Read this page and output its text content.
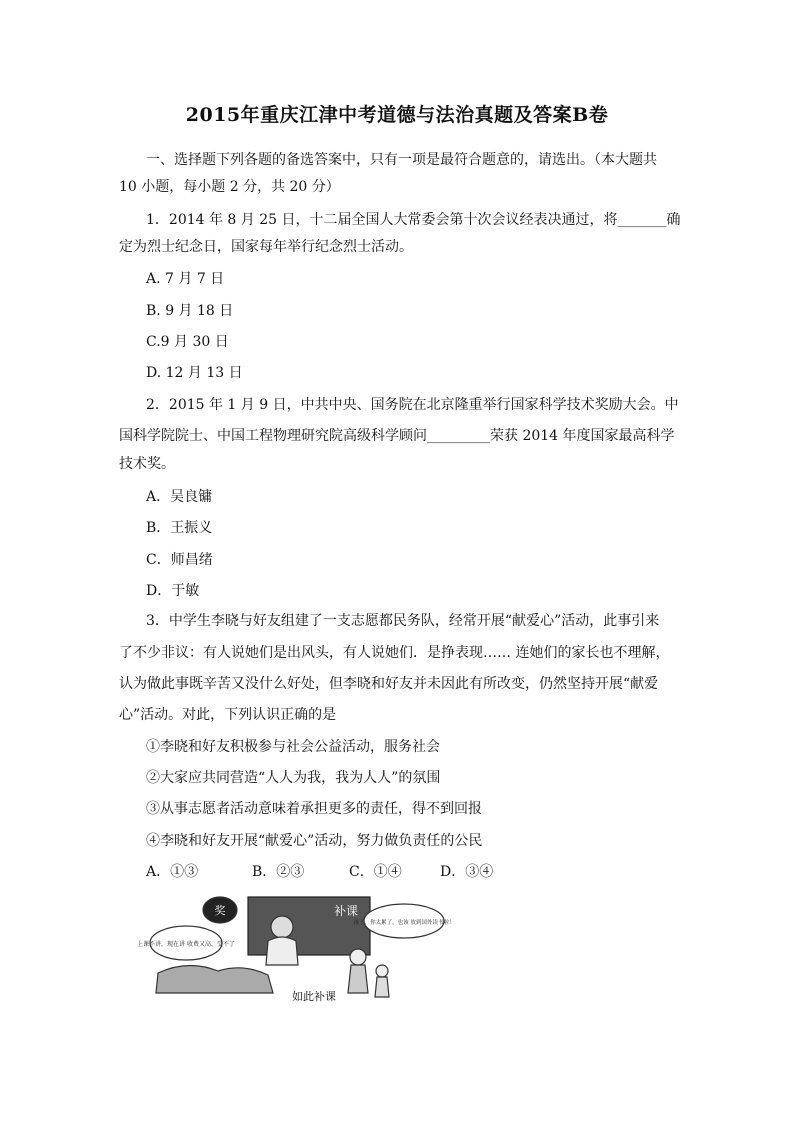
2015年重庆江津中考道德与法治真题及答案B卷
一、选择题下列各题的备选答案中，只有一项是最符合题意的，请选出。（本大题共
10 小题，每小题 2 分，共 20 分）
1．2014 年 8 月 25 日，十二届全国人大常委会第十次会议经表决通过，将_______确
定为烈士纪念日，国家每年举行纪念烈士活动。
A. 7 月 7 日
B. 9 月 18 日
C.9 月 30 日
D. 12 月 13 日
2．2015 年 1 月 9 日，中共中央、国务院在北京隆重举行国家科学技术奖励大会。中
国科学院院士、中国工程物理研究院高级科学顾问_________荣获 2014 年度国家最高科学
技术奖。
A．吴良镛
B．王振义
C．师昌绪
D．于敏
3．中学生李晓与好友组建了一支志愿都民务队，经常开展“献爱心”活动，此事引来
了不少非议：有人说她们是出风头，有人说她们．是挣表现…… 连她们的家长也不理解，
认为做此事既辛苦又没什么好处，但李晓和好友并未因此有所改变，仍然坚持开展“献爱
心”活动。对此，下列认识正确的是
①李晓和好友积极参与社会公益活动，服务社会
②大家应共同营造“人人为我，我为人人”的氛围
③从事志愿者活动意味着承担更多的责任，得不到回报
④李晓和好友开展“献爱心”活动，努力做负责任的公民
A．①③	B．②③	C．①④	D．③④
奖	补课
上课不讲，现在讲 收费又高，受不了
孩子，你太累了，也该 放到国外读书啦！
如此补课
